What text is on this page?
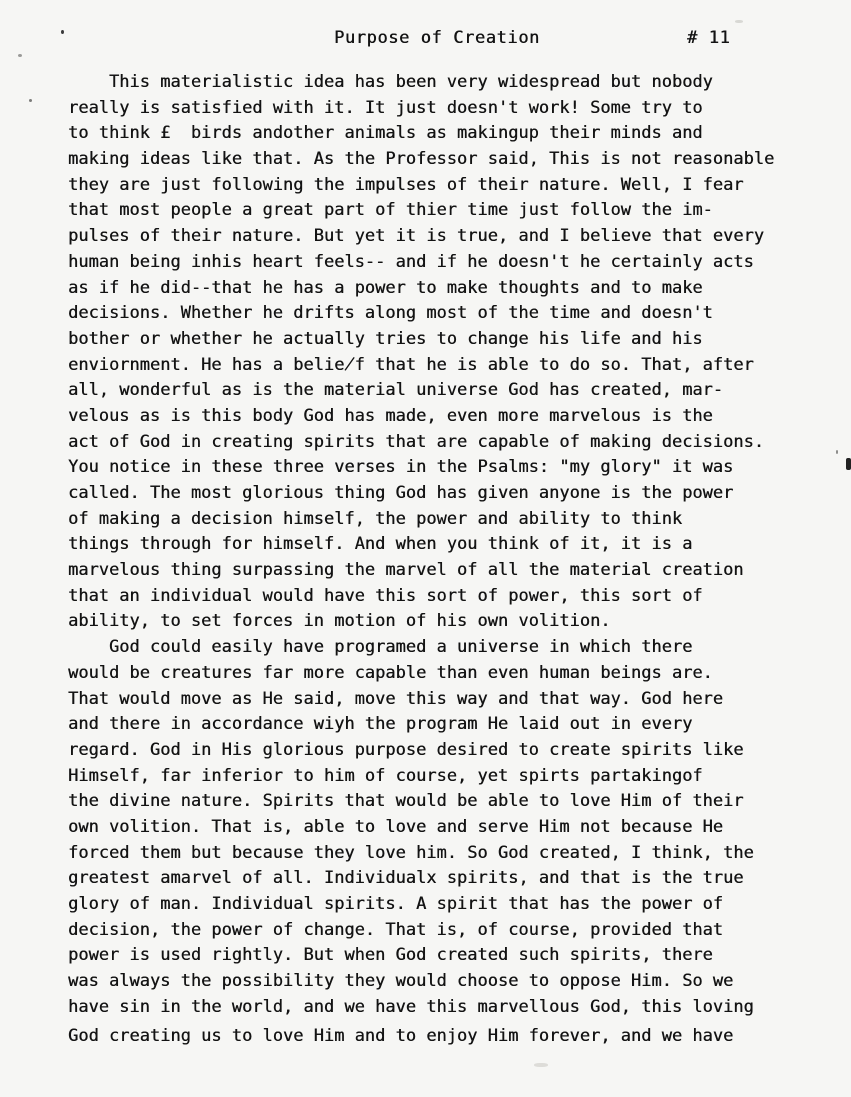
Purpose of Creation

	# 11

This materialistic idea has been very widespread but nobody
really is satisfied with it. It just doesn't work! Some try to
to think £  birds andother animals as makingup their minds and
making ideas like that. As the Professor said, This is not reasonable
they are just following the impulses of their nature. Well, I fear
that most people a great part of thier time just follow the im-
pulses of their nature. But yet it is true, and I believe that every
human being inhis heart feels-- and if he doesn't he certainly acts
as if he did--that he has a power to make thoughts and to make
decisions. Whether he drifts along most of the time and doesn't
bother or whether he actually tries to change his life and his
enviornment. He has a belie̸f that he is able to do so. That, after
all, wonderful as is the material universe God has created, mar-
velous as is this body God has made, even more marvelous is the
act of God in creating spirits that are capable of making decisions.
You notice in these three verses in the Psalms: "my glory" it was
called. The most glorious thing God has given anyone is the power
of making a decision himself, the power and ability to think
things through for himself. And when you think of it, it is a
marvelous thing surpassing the marvel of all the material creation
that an individual would have this sort of power, this sort of
ability, to set forces in motion of his own volition.
God could easily have programed a universe in which there
would be creatures far more capable than even human beings are.
That would move as He said, move this way and that way. God here
and there in accordance wiyh the program He laid out in every
regard. God in His glorious purpose desired to create spirits like
Himself, far inferior to him of course, yet spirts partakingof
the divine nature. Spirits that would be able to love Him of their
own volition. That is, able to love and serve Him not because He
forced them but because they love him. So God created, I think, the
greatest amarvel of all. Individualx spirits, and that is the true
glory of man. Individual spirits. A spirit that has the power of
decision, the power of change. That is, of course, provided that
power is used rightly. But when God created such spirits, there
was always the possibility they would choose to oppose Him. So we
have sin in the world, and we have this marvellous God, this loving
God creating us to love Him and to enjoy Him forever, and we have
